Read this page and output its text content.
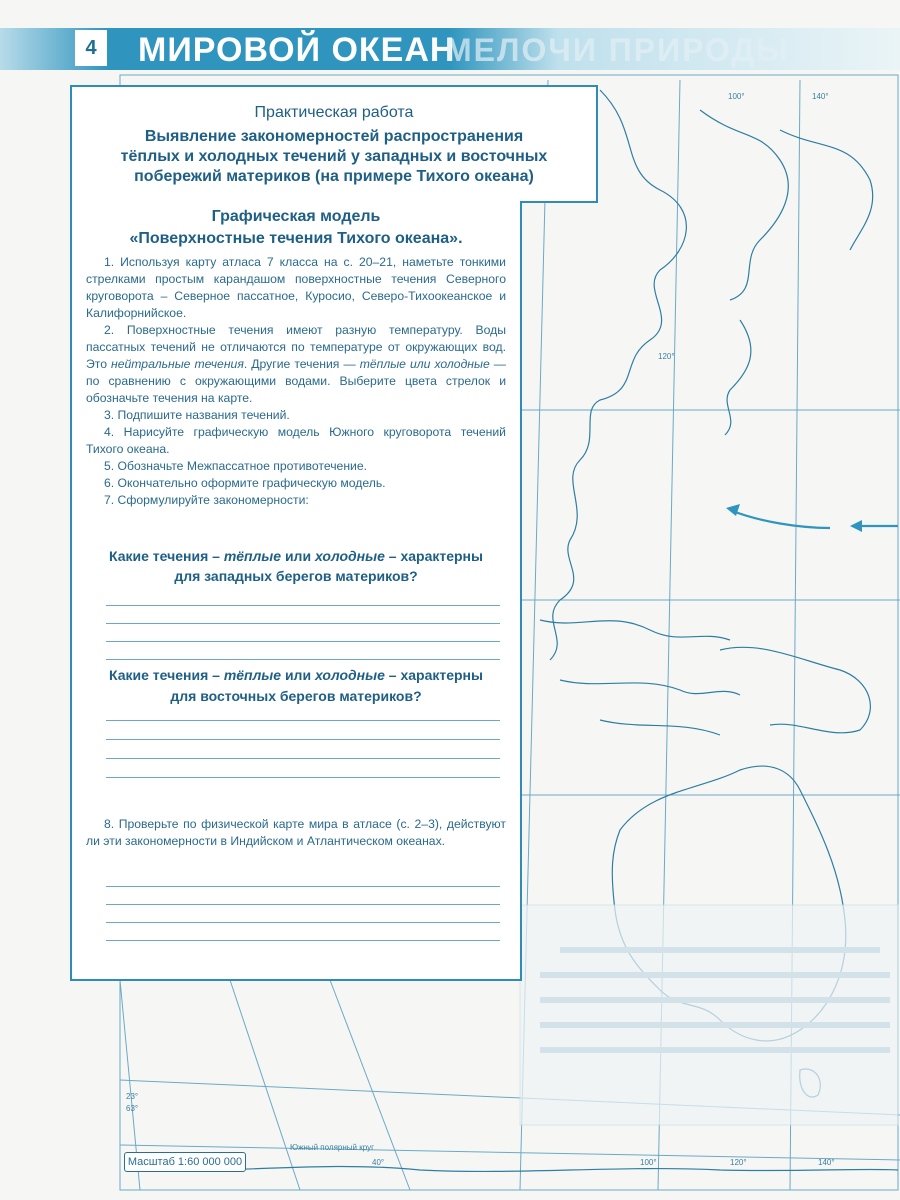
100°	140°
120°
23°
63°
40°	100°	120°	140°
Южный полярный круг
Масштаб 1:60 000 000
4	МИРОВОЙ ОКЕАН
МЕЛОЧИ ПРИРОДЫ
Практическая работа
Выявление закономерностей распространения
тёплых и холодных течений у западных и восточных
побережий материков (на примере Тихого океана)
Графическая модель
«Поверхностные течения Тихого океана».

1. Используя карту атласа 7 класса на с. 20–21, наметьте тонкими стрелками простым карандашом поверхностные течения Северного круговорота – Северное пассатное, Куросио, Северо-Тихоокеанское и Калифорнийское.

2. Поверхностные течения имеют разную температуру. Воды пассатных течений не отличаются по температуре от окружающих вод. Это нейтральные течения. Другие течения — тёплые или холодные — по сравнению с окружающими водами. Выберите цвета стрелок и обозначьте течения на карте.

3. Подпишите названия течений.

4. Нарисуйте графическую модель Южного круговорота течений Тихого океана.

5. Обозначьте Межпассатное противотечение.

6. Окончательно оформите графическую модель.

7. Сформулируйте закономерности:

Какие течения – тёплые или холодные – характерны
для западных берегов материков?
Какие течения – тёплые или холодные – характерны
для восточных берегов материков?

8. Проверьте по физической карте мира в атласе (с. 2–3), действуют ли эти закономерности в Индийском и Атлантическом океанах.
